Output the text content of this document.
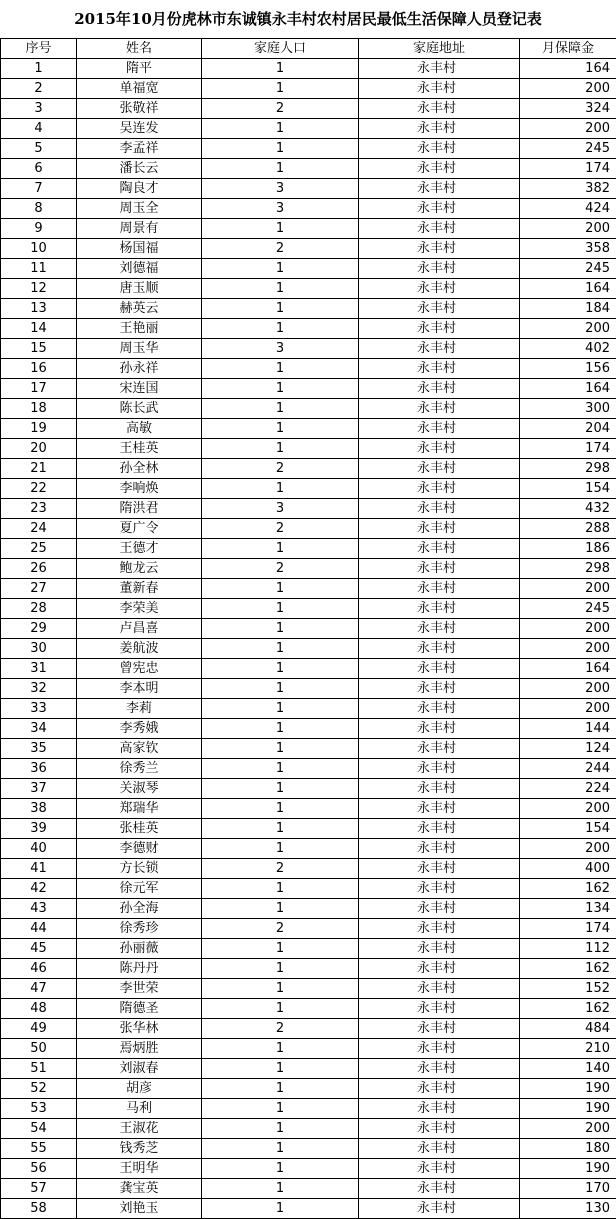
2015年10月份虎林市东诚镇永丰村农村居民最低生活保障人员登记表
序号	姓名	家庭人口	家庭地址	月保障金
1	隋平	1	永丰村	164
2	单福宽	1	永丰村	200
3	张敬祥	2	永丰村	324
4	吴连发	1	永丰村	200
5	李孟祥	1	永丰村	245
6	潘长云	1	永丰村	174
7	陶良才	3	永丰村	382
8	周玉全	3	永丰村	424
9	周景有	1	永丰村	200
10	杨国福	2	永丰村	358
11	刘德福	1	永丰村	245
12	唐玉顺	1	永丰村	164
13	赫英云	1	永丰村	184
14	王艳丽	1	永丰村	200
15	周玉华	3	永丰村	402
16	孙永祥	1	永丰村	156
17	宋连国	1	永丰村	164
18	陈长武	1	永丰村	300
19	高敏	1	永丰村	204
20	王桂英	1	永丰村	174
21	孙全林	2	永丰村	298
22	李响焕	1	永丰村	154
23	隋洪君	3	永丰村	432
24	夏广令	2	永丰村	288
25	王德才	1	永丰村	186
26	鲍龙云	2	永丰村	298
27	董新春	1	永丰村	200
28	李荣美	1	永丰村	245
29	卢昌喜	1	永丰村	200
30	姜航波	1	永丰村	200
31	曾宪忠	1	永丰村	164
32	李本明	1	永丰村	200
33	李莉	1	永丰村	200
34	李秀娥	1	永丰村	144
35	高家钦	1	永丰村	124
36	徐秀兰	1	永丰村	244
37	关淑琴	1	永丰村	224
38	郑瑞华	1	永丰村	200
39	张桂英	1	永丰村	154
40	李德财	1	永丰村	200
41	方长锁	2	永丰村	400
42	徐元军	1	永丰村	162
43	孙全海	1	永丰村	134
44	徐秀珍	2	永丰村	174
45	孙丽薇	1	永丰村	112
46	陈丹丹	1	永丰村	162
47	李世荣	1	永丰村	152
48	隋德圣	1	永丰村	162
49	张华林	2	永丰村	484
50	焉炳胜	1	永丰村	210
51	刘淑春	1	永丰村	140
52	胡彦	1	永丰村	190
53	马利	1	永丰村	190
54	王淑花	1	永丰村	200
55	钱秀芝	1	永丰村	180
56	王明华	1	永丰村	190
57	龚宝英	1	永丰村	170
58	刘艳玉	1	永丰村	130
